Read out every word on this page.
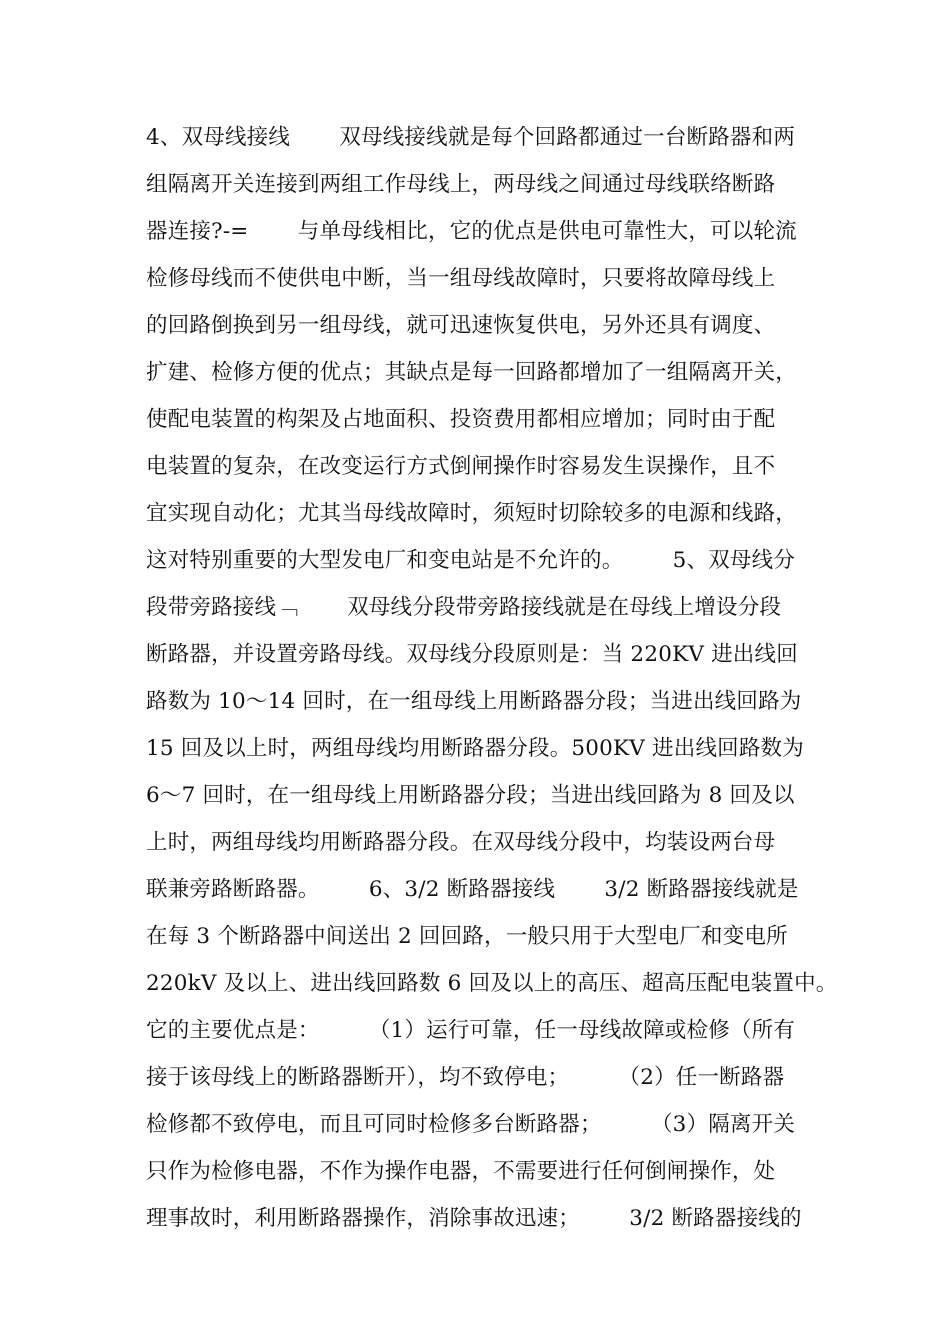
4、双母线接线       双母线接线就是每个回路都通过一台断路器和两
组隔离开关连接到两组工作母线上，两母线之间通过母线联络断路
器连接?-=       与单母线相比，它的优点是供电可靠性大，可以轮流
检修母线而不使供电中断，当一组母线故障时，只要将故障母线上
的回路倒换到另一组母线，就可迅速恢复供电，另外还具有调度、
扩建、检修方便的优点；其缺点是每一回路都增加了一组隔离开关，
使配电装置的构架及占地面积、投资费用都相应增加；同时由于配
电装置的复杂，在改变运行方式倒闸操作时容易发生误操作，且不
宜实现自动化；尤其当母线故障时，须短时切除较多的电源和线路，
这对特别重要的大型发电厂和变电站是不允许的。       5、双母线分
段带旁路接线﹁       双母线分段带旁路接线就是在母线上增设分段
断路器，并设置旁路母线。双母线分段原则是：当 220KV 进出线回
路数为 10～14 回时，在一组母线上用断路器分段；当进出线回路为
15 回及以上时，两组母线均用断路器分段。500KV 进出线回路数为
6～7 回时，在一组母线上用断路器分段；当进出线回路为 8 回及以
上时，两组母线均用断路器分段。在双母线分段中，均装设两台母
联兼旁路断路器。       6、3/2 断路器接线       3/2 断路器接线就是
在每 3 个断路器中间送出 2 回回路，一般只用于大型电厂和变电所
220kV 及以上、进出线回路数 6 回及以上的高压、超高压配电装置中。
它的主要优点是：       （1）运行可靠，任一母线故障或检修（所有
接于该母线上的断路器断开），均不致停电；       （2）任一断路器
检修都不致停电，而且可同时检修多台断路器；       （3）隔离开关
只作为检修电器，不作为操作电器，不需要进行任何倒闸操作，处
理事故时，利用断路器操作，消除事故迅速；       3/2 断路器接线的
